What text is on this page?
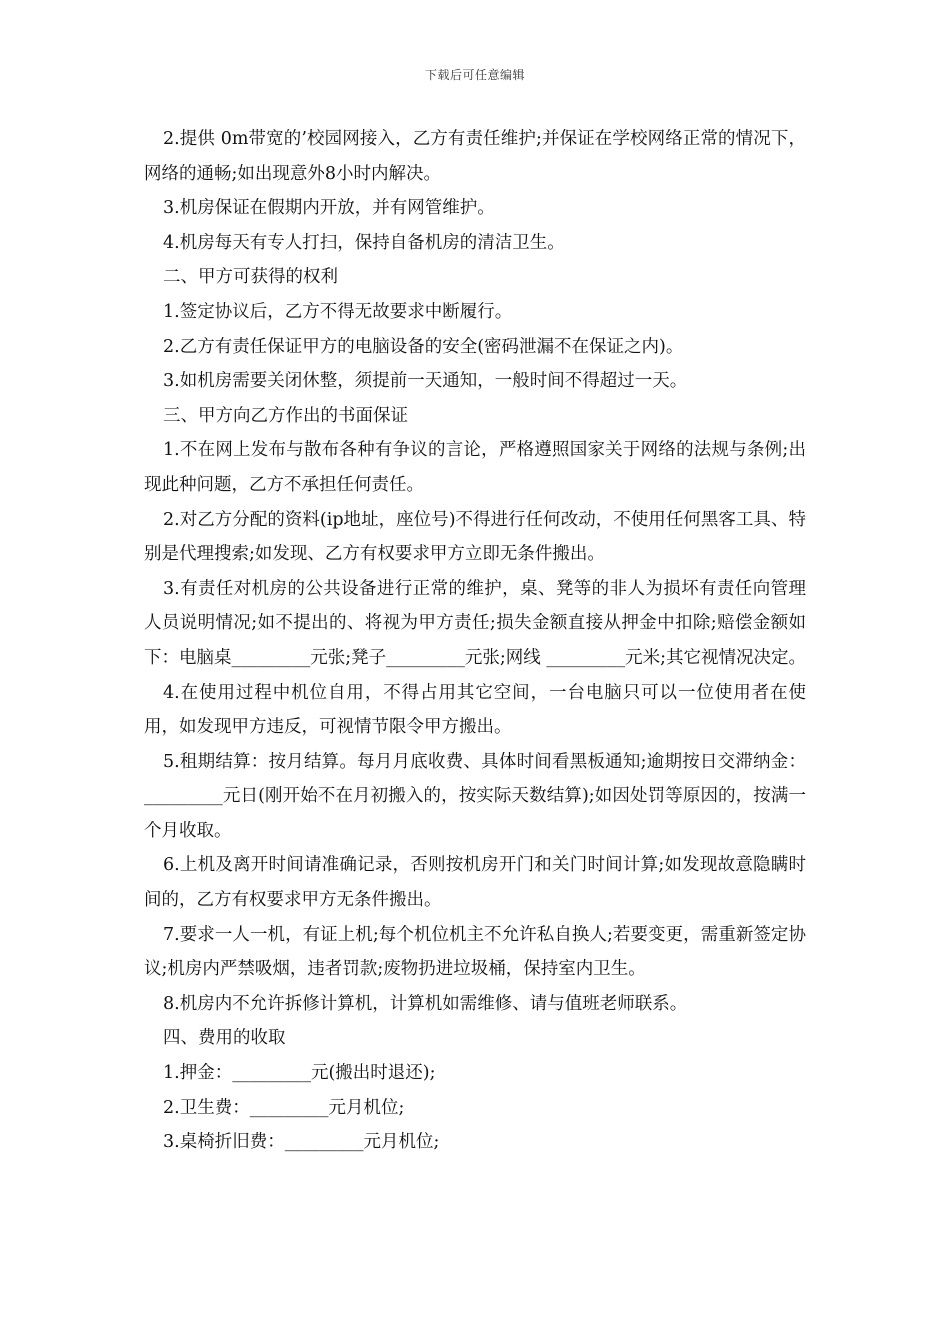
下载后可任意编辑

2.提供 0m带宽的’校园网接入，乙方有责任维护;并保证在学校网络正常的情况下，网络的通畅;如出现意外8小时内解决。

3.机房保证在假期内开放，并有网管维护。

4.机房每天有专人打扫，保持自备机房的清洁卫生。

二、甲方可获得的权利

1.签定协议后，乙方不得无故要求中断履行。

2.乙方有责任保证甲方的电脑设备的安全(密码泄漏不在保证之内)。

3.如机房需要关闭休整，须提前一天通知，一般时间不得超过一天。

三、甲方向乙方作出的书面保证

1.不在网上发布与散布各种有争议的言论，严格遵照国家关于网络的法规与条例;出现此种问题，乙方不承担任何责任。

2.对乙方分配的资料(ip地址，座位号)不得进行任何改动，不使用任何黑客工具、特别是代理搜索;如发现、乙方有权要求甲方立即无条件搬出。

3.有责任对机房的公共设备进行正常的维护，桌、凳等的非人为损坏有责任向管理人员说明情况;如不提出的、将视为甲方责任;损失金额直接从押金中扣除;赔偿金额如下：电脑桌_________元张;凳子_________元张;网线 _________元米;其它视情况决定。

4.在使用过程中机位自用，不得占用其它空间，一台电脑只可以一位使用者在使用，如发现甲方违反，可视情节限令甲方搬出。

5.租期结算：按月结算。每月月底收费、具体时间看黑板通知;逾期按日交滞纳金：_________元日(刚开始不在月初搬入的，按实际天数结算);如因处罚等原因的，按满一个月收取。

6.上机及离开时间请准确记录，否则按机房开门和关门时间计算;如发现故意隐瞒时间的，乙方有权要求甲方无条件搬出。

7.要求一人一机，有证上机;每个机位机主不允许私自换人;若要变更，需重新签定协议;机房内严禁吸烟，违者罚款;废物扔进垃圾桶，保持室内卫生。

8.机房内不允许拆修计算机，计算机如需维修、请与值班老师联系。

四、费用的收取

1.押金：_________元(搬出时退还);

2.卫生费：_________元月机位;

3.桌椅折旧费：_________元月机位;
